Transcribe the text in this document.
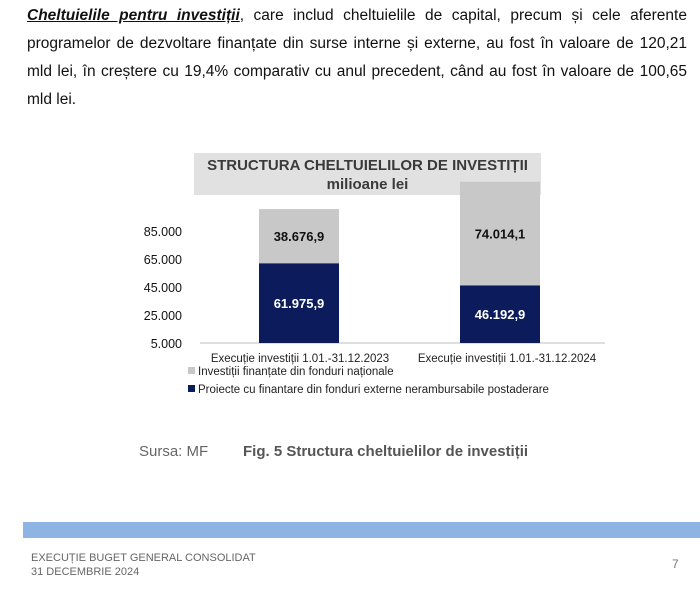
Cheltuielile pentru investiții, care includ cheltuielile de capital, precum și cele aferente programelor de dezvoltare finanțate din surse interne și externe, au fost în valoare de 120,21 mld lei, în creștere cu 19,4% comparativ cu anul precedent, când au fost în valoare de 100,65 mld lei.
STRUCTURA CHELTUIELILOR DE INVESTIȚII
milioane lei
5.000
25.000
45.000
65.000
85.000
61.975,9
38.676,9
Execuție investiții 1.01.-31.12.2023
46.192,9
74.014,1
Execuție investiții 1.01.-31.12.2024
Investiții finanțate din fonduri naționale
Proiecte cu finantare din fonduri externe nerambursabile postaderare
Sursa: MF Fig. 5 Structura cheltuielilor de investiții
EXECUȚIE BUGET GENERAL CONSOLIDAT
31 DECEMBRIE 2024
7
